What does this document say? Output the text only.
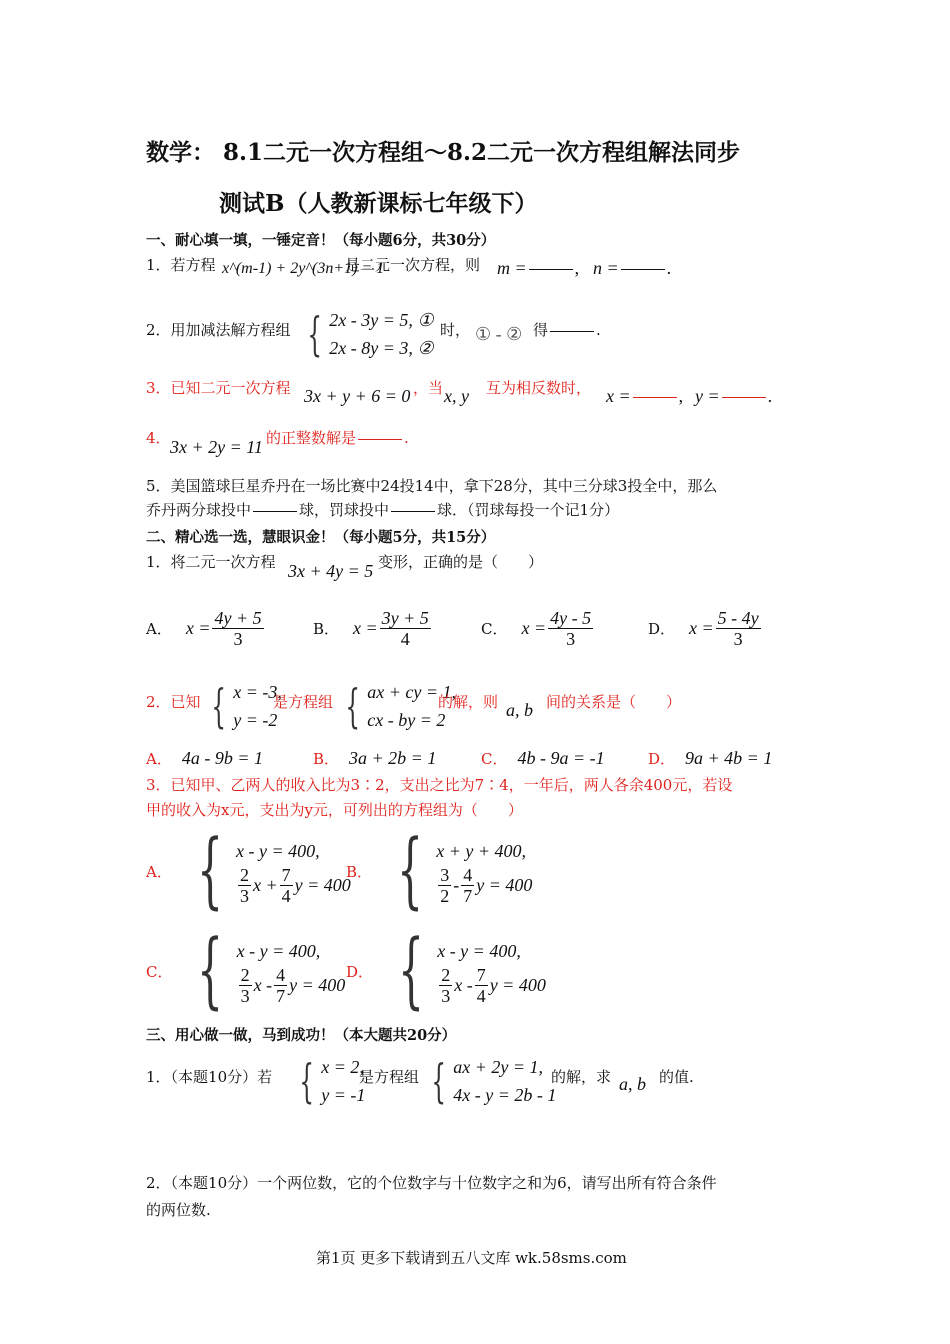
数学： 8.1二元一次方程组～8.2二元一次方程组解法同步
测试B（人教新课标七年级下）
一、耐心填一填，一锤定音！（每小题6分，共30分）
1．若方程 x^(m-1) + 2y^(3n+1) = 1
是二元一次方程，则 m =	, n =	.
2．用加减法解方程组 { 2x - 3y = 5, ①
2x - 8y = 3, ②
时， ① - ② 得	.
3．已知二元一次方程 3x + y + 6 = 0 ，当 x, y 互为相反数时， x =	, y =	.
4． 3x + 2y = 11 的正整数解是	.
5．美国篮球巨星乔丹在一场比赛中24投14中，拿下28分，其中三分球3投全中，那么
乔丹两分球投中	球，罚球投中	球．（罚球每投一个记1分）
二、精心选一选，慧眼识金！（每小题5分，共15分）
1．将二元一次方程 3x + 4y = 5 变形，正确的是（　　）
A． $x = \frac{4y + 5}{3}$	B． $x = \frac{3y + 5}{4}$	C． $x = \frac{4y - 5}{3}$	D． $x = \frac{5 - 4y}{3}$
2．已知 { x = -3,
y = -2
是方程组 { ax + cy = 1,
cx - by = 2
的解，则 a, b 间的关系是（　　）
A． 4a - 9b = 1	B． 3a + 2b = 1	C． 4b - 9a = -1	D． 9a + 4b = 1
3．已知甲、乙两人的收入比为3∶2，支出之比为7∶4，一年后，两人各余400元，若设
甲的收入为x元，支出为y元，可列出的方程组为（　　）
A． { x - y = 400,
$\frac{2}{3}$ $x + \frac{7}{4}$ y = 400
B． { x + y + 400,
$\frac{3}{2} - \frac{4}{7}$ y = 400
C． { x - y = 400,
$\frac{2}{3}$ x - $\frac{4}{7}$ y = 400
D． { x - y = 400,
$\frac{2}{3}$ x - $\frac{7}{4}$ y = 400
三、用心做一做，马到成功！（本大题共20分）
1．（本题10分）若 { x = 2,
y = -1
是方程组 { ax + 2y = 1,
4x - y = 2b - 1
的解，求 a, b 的值.
2．（本题10分）一个两位数，它的个位数字与十位数字之和为6，请写出所有符合条件
的两位数.
第1页 更多下载请到五八文库 wk.58sms.com
